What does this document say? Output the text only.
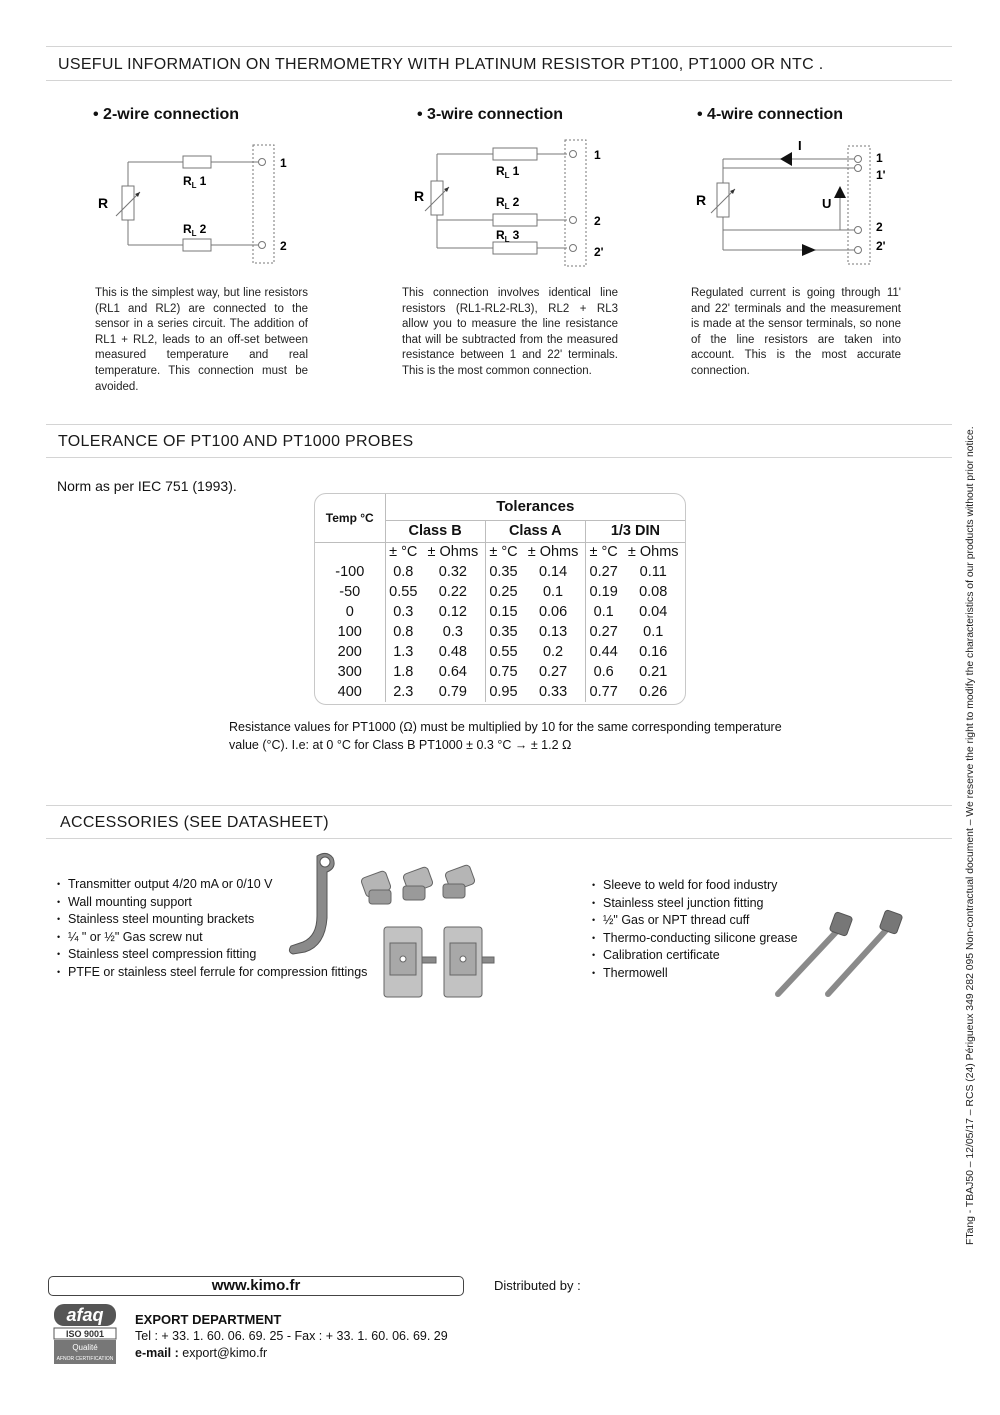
USEFUL INFORMATION ON THERMOMETRY WITH PLATINUM RESISTOR PT100, PT1000 OR NTC .
• 2-wire connection
R
$R_L$ 1
$R_L$ 2
1
2
This is the simplest way, but line resistors (RL1 and RL2) are connected to the sensor in a series circuit. The addition of RL1 + RL2, leads to an off-set between measured temperature and real temperature. This connection must be avoided.
• 3-wire connection
R
$R_L$ 1
$R_L$ 2
$R_L$ 3
1
2
2'
This connection involves identical line resistors (RL1-RL2-RL3), RL2 + RL3 allow you to measure the line resistance that will be subtracted from the measured resistance between 1 and 22' terminals. This is the most common connection.
• 4-wire connection
R
I
U
1
1'
2
2'
Regulated current is going through 11' and 22' terminals and the measurement is made at the sensor terminals, so none of the line resistors are taken into account. This is the most accurate connection.
TOLERANCE OF PT100 AND PT1000 PROBES
Norm as per IEC 751 (1993).
Temp °C	Tolerances					
	Class B		Class A		1/3 DIN	
	± °C	± Ohms	± °C	± Ohms	± °C	± Ohms
-100	0.8	0.32	0.35	0.14	0.27	0.11
-50	0.55	0.22	0.25	0.1	0.19	0.08
0	0.3	0.12	0.15	0.06	0.1	0.04
100	0.8	0.3	0.35	0.13	0.27	0.1
200	1.3	0.48	0.55	0.2	0.44	0.16
300	1.8	0.64	0.75	0.27	0.6	0.21
400	2.3	0.79	0.95	0.33	0.77	0.26
Resistance values for PT1000 (Ω) must be multiplied by 10 for the same corresponding temperature
value (°C). I.e: at 0 °C for Class B PT1000 ± 0.3 °C → ± 1.2 Ω
ACCESSORIES (SEE DATASHEET)
• Transmitter output 4/20 mA or 0/10 V
• Wall mounting support
• Stainless steel mounting brackets
• ¼ " or ½" Gas screw nut
• Stainless steel compression fitting
• PTFE or stainless steel ferrule for compression fittings
• Sleeve to weld for food industry
• Stainless steel junction fitting
• ½" Gas or NPT thread cuff
• Thermo-conducting silicone grease
• Calibration certificate
• Thermowell	FTang - TBAJ50 – 12/05/17 – RCS (24) Périgueux 349 282 095 Non-contractual document – We reserve the right to modify the characteristics of our products without prior notice.
www.kimo.fr	Distributed by :
afaq
ISO 9001
Qualité
AFNOR CERTIFICATION
EXPORT DEPARTMENT
Tel : + 33. 1. 60. 06. 69. 25 - Fax : + 33. 1. 60. 06. 69. 29
e-mail : export@kimo.fr
